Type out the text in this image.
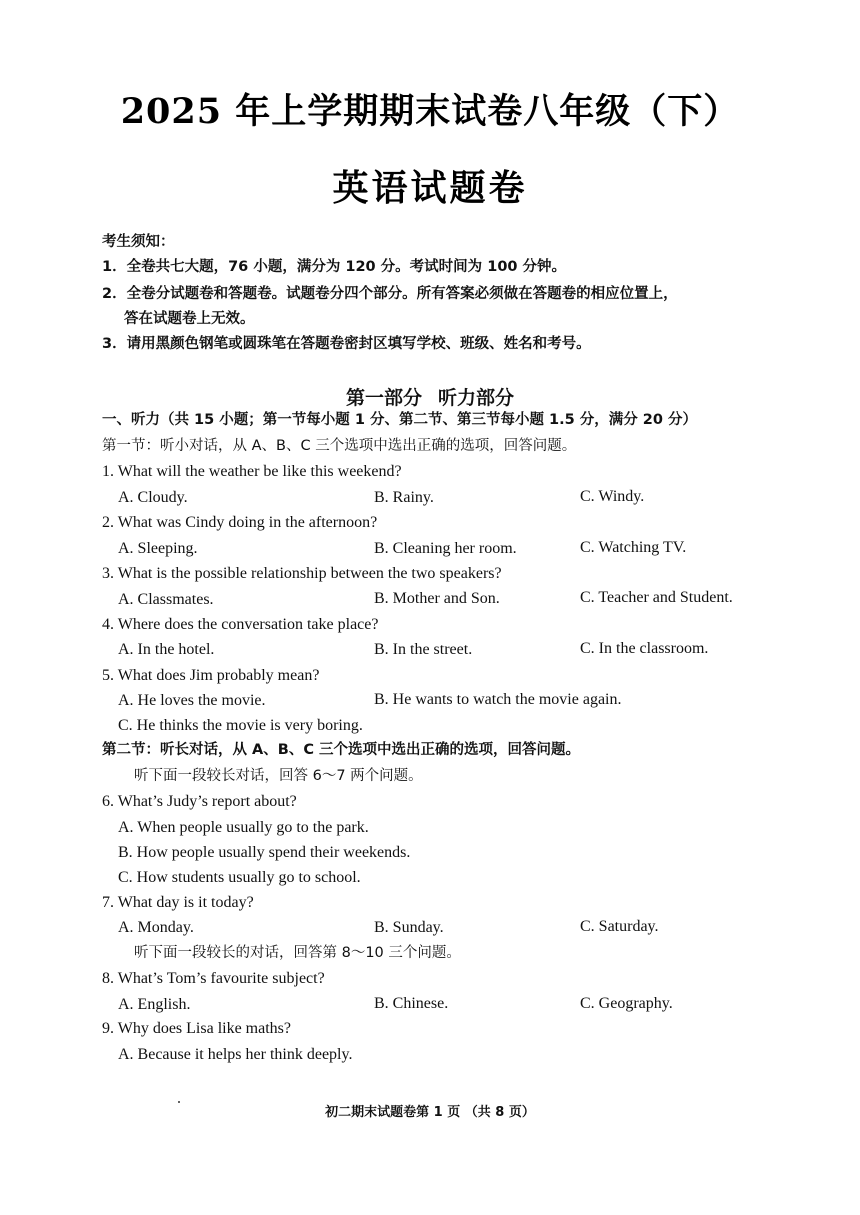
2025 年上学期期末试卷八年级（下）
英语试题卷
考生须知：
1．全卷共七大题，76 小题，满分为 120 分。考试时间为 100 分钟。
2．全卷分试题卷和答题卷。试题卷分四个部分。所有答案必须做在答题卷的相应位置上，
答在试题卷上无效。
3．请用黑颜色钢笔或圆珠笔在答题卷密封区填写学校、班级、姓名和考号。
第一部分 听力部分
一、听力（共 15 小题；第一节每小题 1 分、第二节、第三节每小题 1.5 分，满分 20 分）
第一节：听小对话，从 A、B、C 三个选项中选出正确的选项，回答问题。
1. What will the weather be like this weekend?
A. Cloudy.	B. Rainy.	C. Windy.
2. What was Cindy doing in the afternoon?
A. Sleeping.	B. Cleaning her room.	C. Watching TV.
3. What is the possible relationship between the two speakers?
A. Classmates.	B. Mother and Son.	C. Teacher and Student.
4. Where does the conversation take place?
A. In the hotel.	B. In the street.	C. In the classroom.
5. What does Jim probably mean?
A. He loves the movie.	B. He wants to watch the movie again.
C. He thinks the movie is very boring.
第二节：听长对话，从 A、B、C 三个选项中选出正确的选项，回答问题。
听下面一段较长对话，回答 6～7 两个问题。
6. What’s Judy’s report about?
A. When people usually go to the park.
B. How people usually spend their weekends.
C. How students usually go to school.
7. What day is it today?
A. Monday.	B. Sunday.	C. Saturday.
听下面一段较长的对话，回答第 8～10 三个问题。
8. What’s Tom’s favourite subject?
A. English.	B. Chinese.	C. Geography.
9. Why does Lisa like maths?
A. Because it helps her think deeply.
初二期末试题卷第 1 页 （共 8 页）
